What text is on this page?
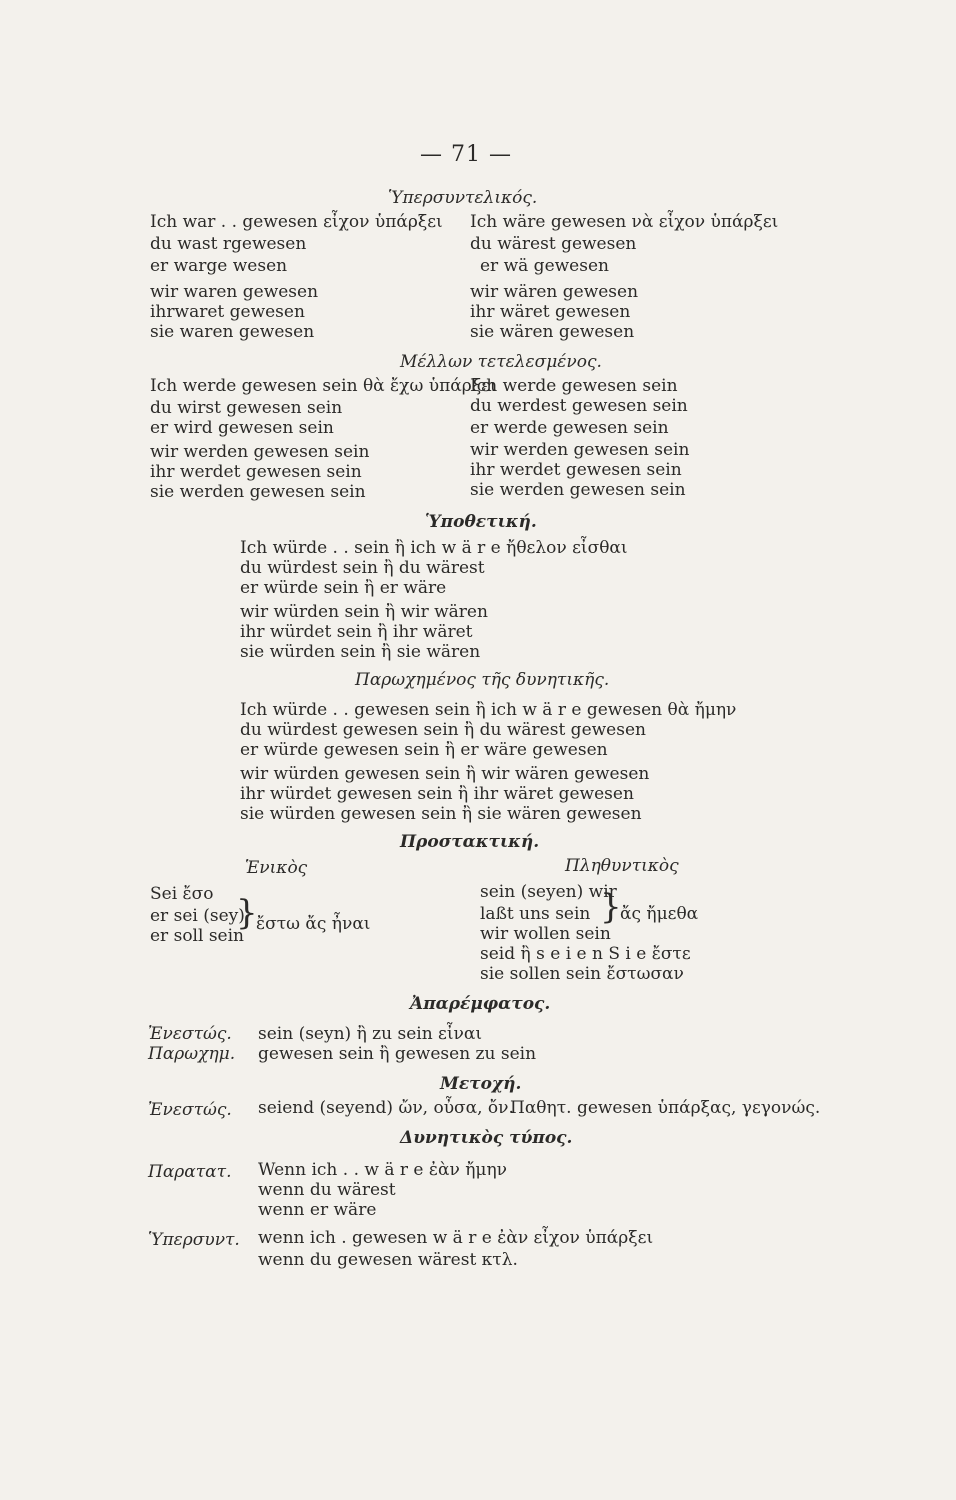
— 71 —
Ὑπερσυντελικός.
Ich war . . gewesen εἶχον ὑπάρξει
du wast rgewesen
er warge wesen
wir waren gewesen
ihrwaret gewesen
sie waren gewesen
Ich wäre gewesen νὰ εἶχον ὑπάρξει
du wärest gewesen
er wä gewesen
wir wären gewesen
ihr wäret gewesen
sie wären gewesen
Μέλλων τετελεσμένος.
Ich werde gewesen sein θὰ ἔχω ὑπάρξει
du wirst gewesen sein
er wird gewesen sein
wir werden gewesen sein
ihr werdet gewesen sein
sie werden gewesen sein
Ich werde gewesen sein
du werdest gewesen sein
er werde gewesen sein
wir werden gewesen sein
ihr werdet gewesen sein
sie werden gewesen sein
Ὑποθετική.
Ich würde . . sein ἢ ich w ä r e ἤθελον εἶσθαι
du würdest sein ἢ du wärest
er würde sein ἢ er wäre
wir würden sein ἢ wir wären
ihr würdet sein ἢ ihr wäret
sie würden sein ἢ sie wären
Παρωχημένος τῆς δυνητικῆς.
Ich würde . . gewesen sein ἢ ich w ä r e gewesen θὰ ἤμην
du würdest gewesen sein ἢ du wärest gewesen
er würde gewesen sein ἢ er wäre gewesen
wir würden gewesen sein ἢ wir wären gewesen
ihr würdet gewesen sein ἢ ihr wäret gewesen
sie würden gewesen sein ἢ sie wären gewesen
Προστακτική.
Ἑνικὸς	Πληθυντικὸς
Sei ἔσο
er sei (sey)
er soll sein
}
ἔστω ἄς ἦναι
sein (seyen) wir
laßt uns sein
wir wollen sein
}
ἄς ἤμεθα
seid ἢ s e i e n S i e ἔστε
sie sollen sein ἔστωσαν
Ἀπαρέμφατος.
Ἐνεστώς. sein (seyn) ἢ zu sein εἶναι
Παρωχημ. gewesen sein ἢ gewesen zu sein
Μετοχή.
Ἐνεστώς. seiend (seyend) ὤν, οὖσα, ὄν.
Παθητ. gewesen ὑπάρξας, γεγονώς.
Δυνητικὸς τύπος.
Παρατατ. Wenn ich . . w ä r e ἐὰν ἤμην
wenn du wärest
wenn er wäre
Ὑπερσυντ. wenn ich . gewesen w ä r e ἐὰν εἶχον ὑπάρξει
wenn du gewesen wärest κτλ.
